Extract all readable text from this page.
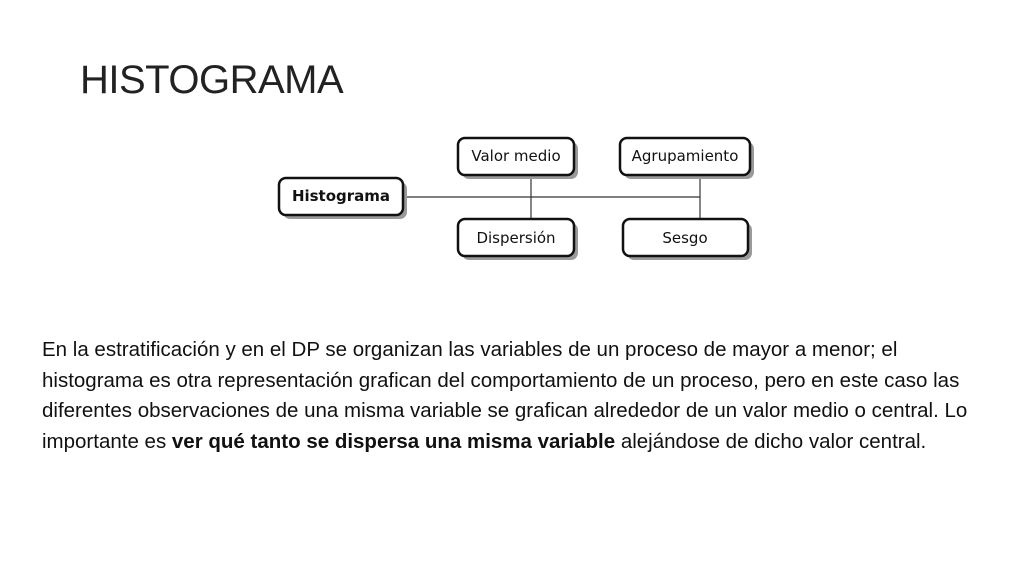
HISTOGRAMA
Histograma
Valor medio	Agrupamiento
Dispersión	Sesgo
En la estratificación y en el DP se organizan las variables de un proceso de mayor a menor; el histograma es otra representación grafican del comportamiento de un proceso, pero en este caso las diferentes observaciones de una misma variable se grafican alrededor de un valor medio o central. Lo importante es ver qué tanto se dispersa una misma variable alejándose de dicho valor central.
